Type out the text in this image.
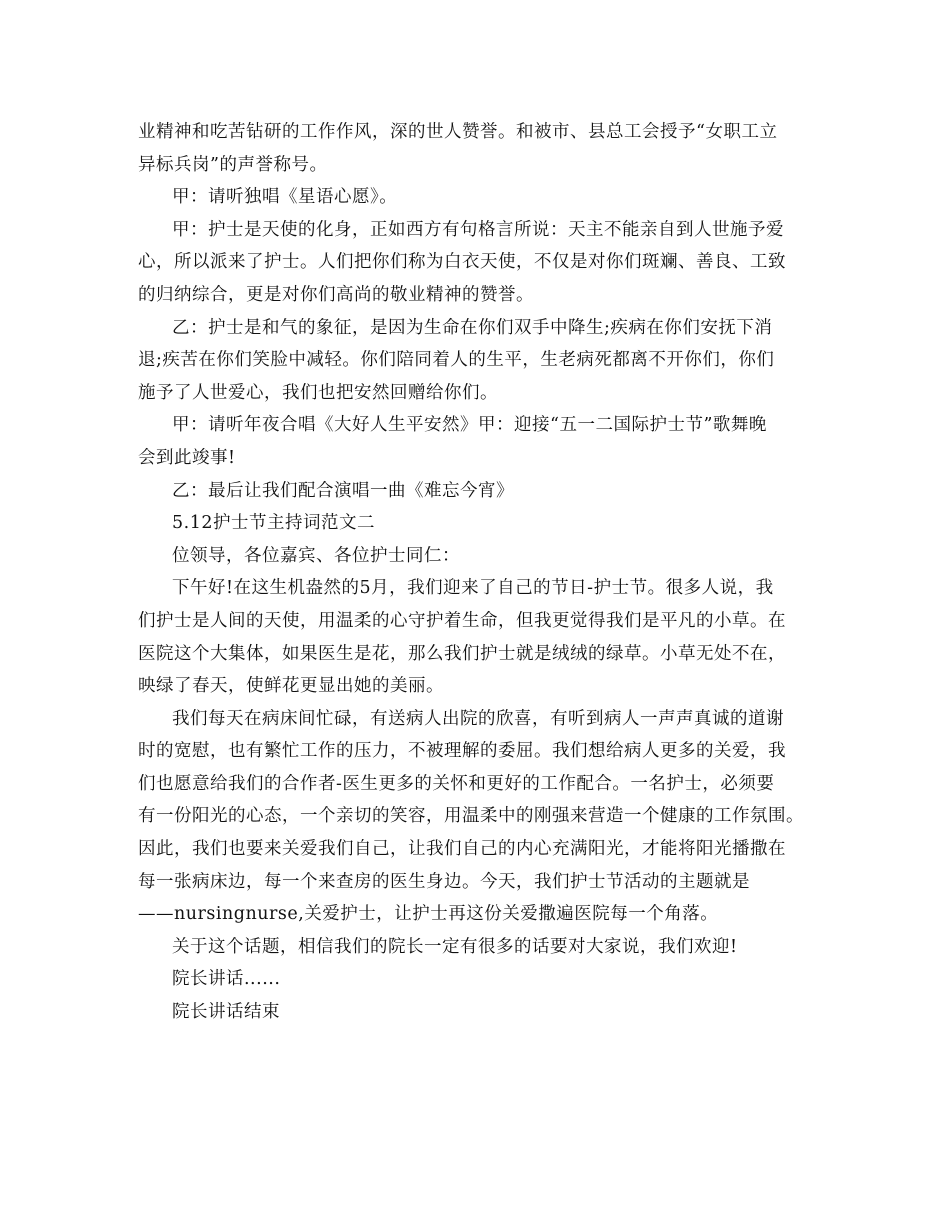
业精神和吃苦钻研的工作作风，深的世人赞誉。和被市、县总工会授予“女职工立
异标兵岗”的声誉称号。

甲：请听独唱《星语心愿》。

甲：护士是天使的化身，正如西方有句格言所说：天主不能亲自到人世施予爱
心，所以派来了护士。人们把你们称为白衣天使，不仅是对你们斑斓、善良、工致
的归纳综合，更是对你们高尚的敬业精神的赞誉。

乙：护士是和气的象征，是因为生命在你们双手中降生;疾病在你们安抚下消
退;疾苦在你们笑脸中减轻。你们陪同着人的生平，生老病死都离不开你们，你们
施予了人世爱心，我们也把安然回赠给你们。

甲：请听年夜合唱《大好人生平安然》甲：迎接“五一二国际护士节”歌舞晚
会到此竣事!

乙：最后让我们配合演唱一曲《难忘今宵》

5.12护士节主持词范文二

位领导，各位嘉宾、各位护士同仁：

下午好!在这生机盎然的5月，我们迎来了自己的节日-护士节。很多人说，我
们护士是人间的天使，用温柔的心守护着生命，但我更觉得我们是平凡的小草。在
医院这个大集体，如果医生是花，那么我们护士就是绒绒的绿草。小草无处不在，
映绿了春天，使鲜花更显出她的美丽。

我们每天在病床间忙碌，有送病人出院的欣喜，有听到病人一声声真诚的道谢
时的宽慰，也有繁忙工作的压力，不被理解的委屈。我们想给病人更多的关爱，我
们也愿意给我们的合作者-医生更多的关怀和更好的工作配合。一名护士，必须要
有一份阳光的心态，一个亲切的笑容，用温柔中的刚强来营造一个健康的工作氛围。
因此，我们也要来关爱我们自己，让我们自己的内心充满阳光，才能将阳光播撒在
每一张病床边，每一个来查房的医生身边。今天，我们护士节活动的主题就是
——nursingnurse,关爱护士，让护士再这份关爱撒遍医院每一个角落。

关于这个话题，相信我们的院长一定有很多的话要对大家说，我们欢迎!

院长讲话......

院长讲话结束
